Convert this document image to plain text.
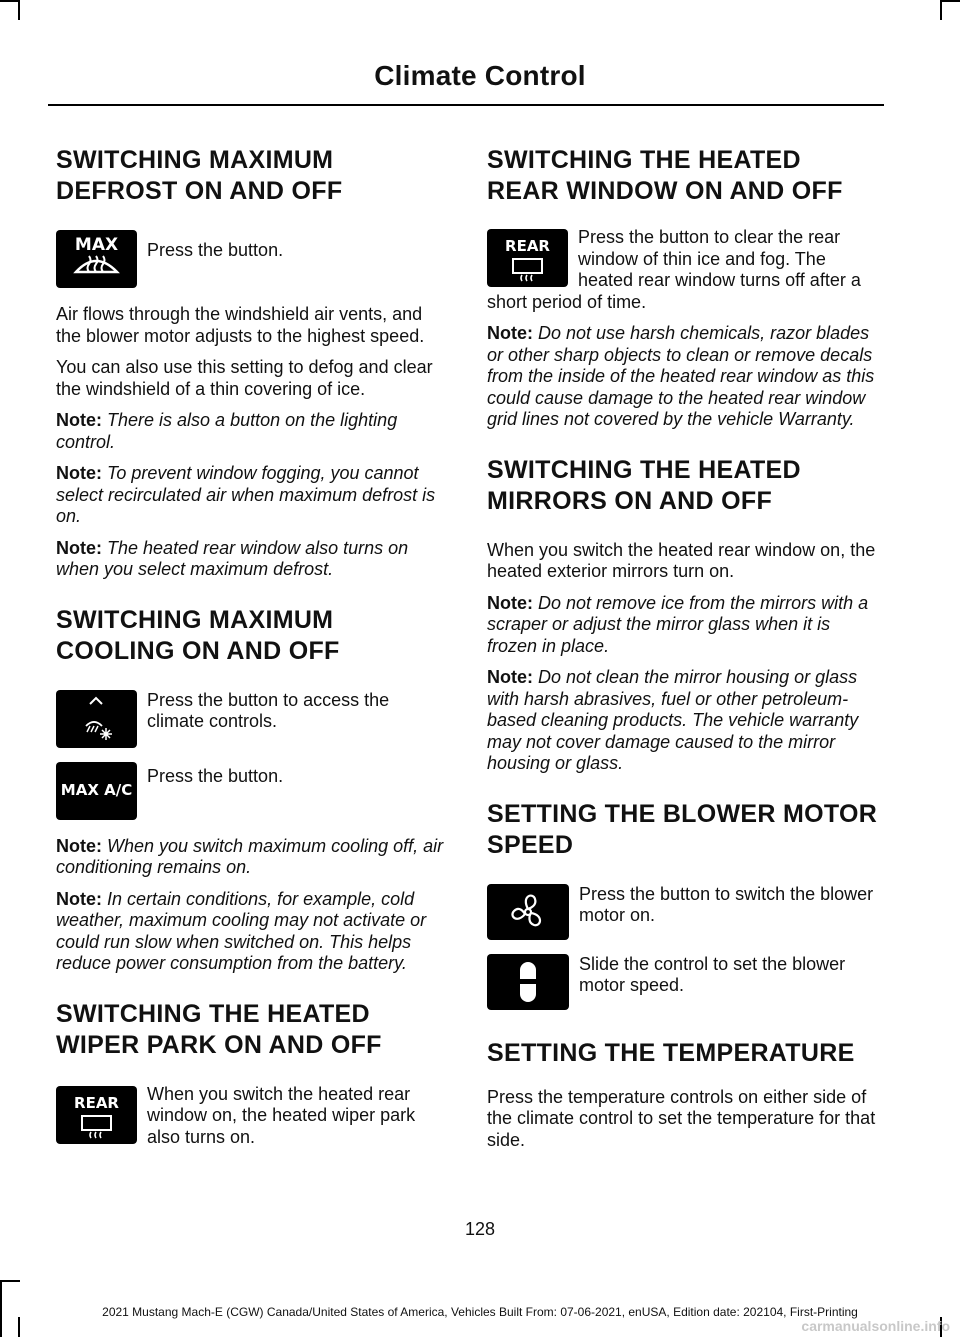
Climate Control
SWITCHING MAXIMUM
DEFROST ON AND OFF
MAX	Press the button.

Air flows through the windshield air vents, and the blower motor adjusts to the highest speed.

You can also use this setting to defog and clear the windshield of a thin covering of ice.

Note: There is also a button on the lighting control.

Note: To prevent window fogging, you cannot select recirculated air when maximum defrost is on.

Note: The heated rear window also turns on when you select maximum defrost.

SWITCHING MAXIMUM
COOLING ON AND OFF

Press the button to access the climate controls.

MAX A/C

Press the button.

Note: When you switch maximum cooling off, air conditioning remains on.

Note: In certain conditions, for example, cold weather, maximum cooling may not activate or could run slow when switched on. This helps reduce power consumption from the battery.

SWITCHING THE HEATED
WIPER PARK ON AND OFF
REAR	When you switch the heated rear window on, the heated wiper park also turns on.

SWITCHING THE HEATED
REAR WINDOW ON AND OFF
REAR	Press the button to clear the rear window of thin ice and fog. The heated rear window turns off after a short period of time.

Note: Do not use harsh chemicals, razor blades or other sharp objects to clean or remove decals from the inside of the heated rear window as this could cause damage to the heated rear window grid lines not covered by the vehicle Warranty.

SWITCHING THE HEATED
MIRRORS ON AND OFF

When you switch the heated rear window on, the heated exterior mirrors turn on.

Note: Do not remove ice from the mirrors with a scraper or adjust the mirror glass when it is frozen in place.

Note: Do not clean the mirror housing or glass with harsh abrasives, fuel or other petroleum-based cleaning products. The vehicle warranty may not cover damage caused to the mirror housing or glass.

SETTING THE BLOWER MOTOR
SPEED

Press the button to switch the blower motor on.

Slide the control to set the blower motor speed.

SETTING THE TEMPERATURE

Press the temperature controls on either side of the climate control to set the temperature for that side.

128
2021 Mustang Mach-E (CGW) Canada/United States of America, Vehicles Built From: 07-06-2021, enUSA, Edition date: 202104, First-Printing
carmanualsonline.info
